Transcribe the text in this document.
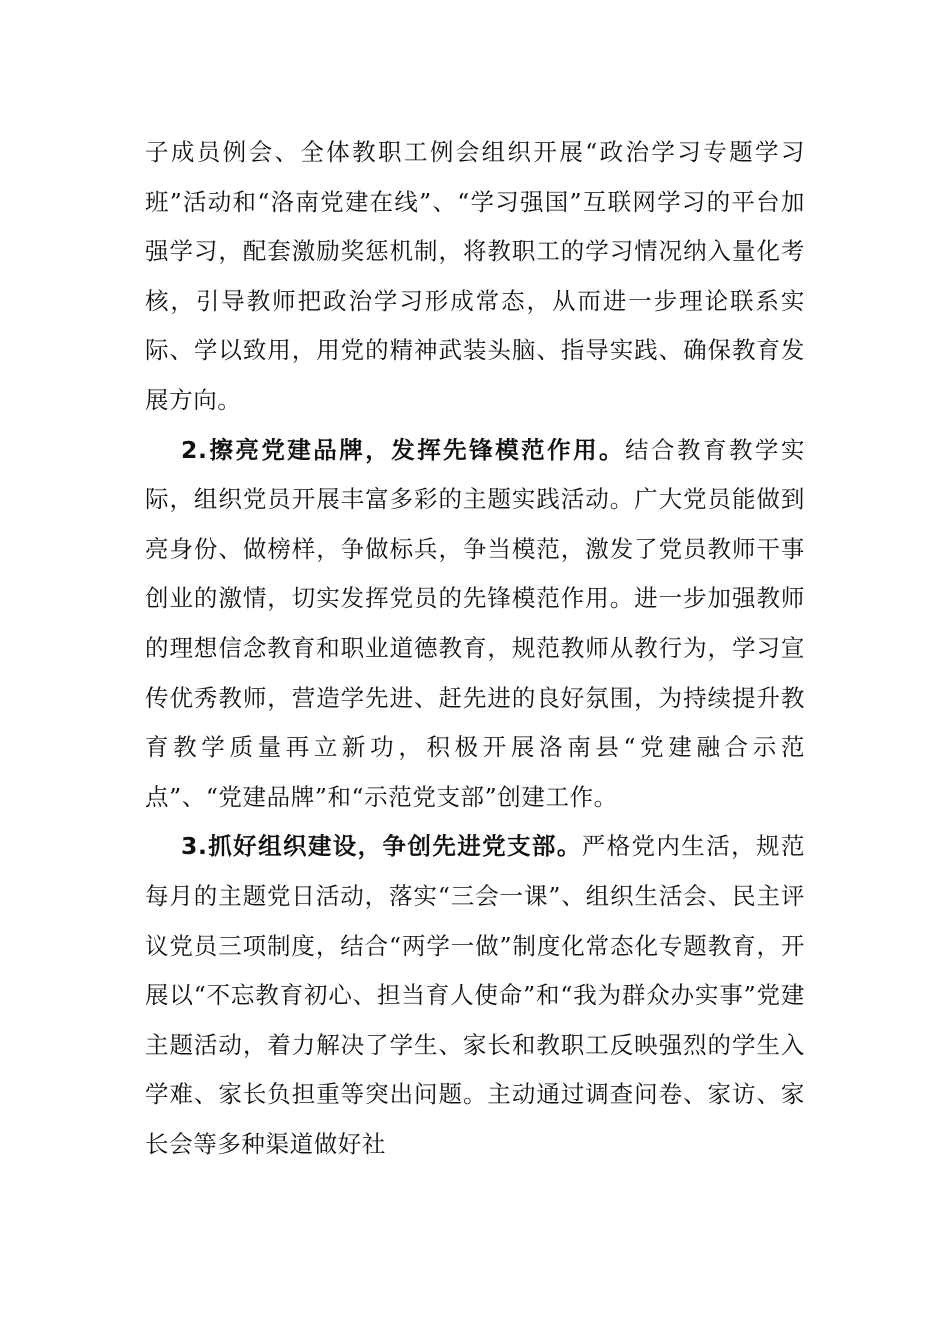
子成员例会、全体教职工例会组织开展“政治学习专题学习班”活动和“洛南党建在线”、“学习强国”互联网学习的平台加强学习，配套激励奖惩机制，将教职工的学习情况纳入量化考核，引导教师把政治学习形成常态，从而进一步理论联系实际、学以致用，用党的精神武装头脑、指导实践、确保教育发展方向。

2.擦亮党建品牌，发挥先锋模范作用。结合教育教学实际，组织党员开展丰富多彩的主题实践活动。广大党员能做到亮身份、做榜样，争做标兵，争当模范，激发了党员教师干事创业的激情，切实发挥党员的先锋模范作用。进一步加强教师的理想信念教育和职业道德教育，规范教师从教行为，学习宣传优秀教师，营造学先进、赶先进的良好氛围，为持续提升教育教学质量再立新功，积极开展洛南县“党建融合示范点”、“党建品牌”和“示范党支部”创建工作。

3.抓好组织建设，争创先进党支部。严格党内生活，规范每月的主题党日活动，落实“三会一课”、组织生活会、民主评议党员三项制度，结合“两学一做”制度化常态化专题教育，开展以“不忘教育初心、担当育人使命”和“我为群众办实事”党建主题活动，着力解决了学生、家长和教职工反映强烈的学生入学难、家长负担重等突出问题。主动通过调查问卷、家访、家长会等多种渠道做好社
